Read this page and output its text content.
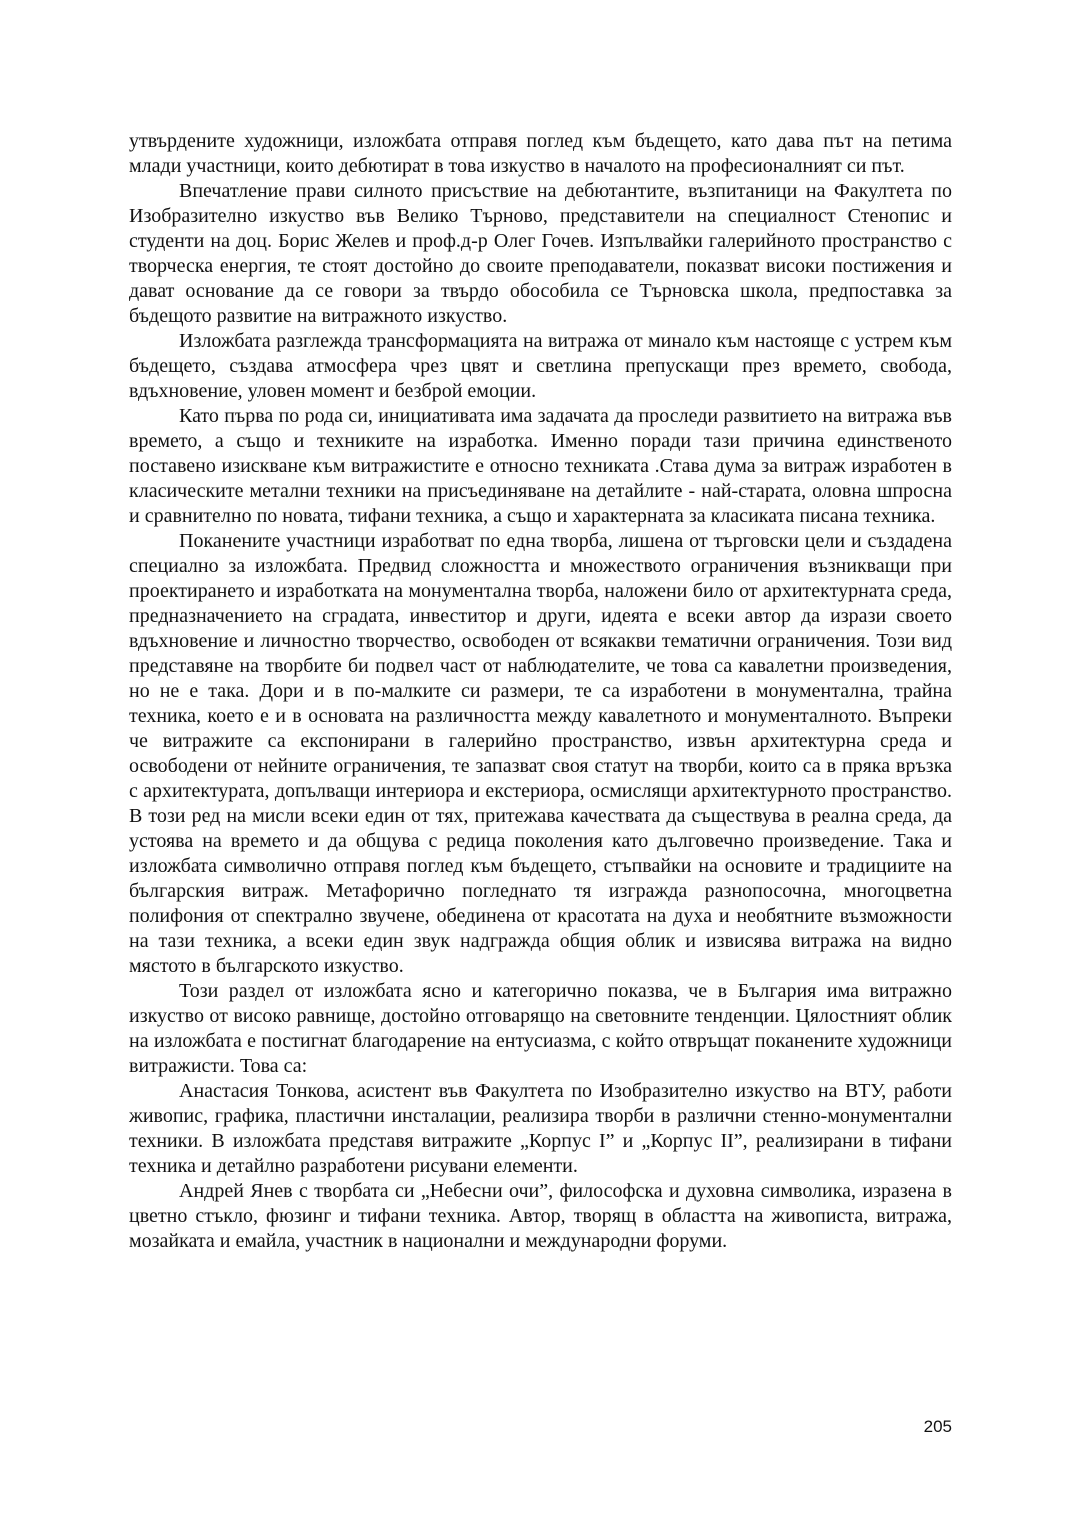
утвърдените художници, изложбата отправя поглед към бъдещето, като дава път на петима млади участници, които дебютират в това изкуство в началото на професионалният си път.

Впечатление прави силното присъствие на дебютантите, възпитаници на Факултета по Изобразително изкуство във Велико Търново, представители на специалност Стенопис и студенти на доц. Борис Желев и проф.д-р Олег Гочев. Изпълвайки галерийното пространство с творческа енергия, те стоят достойно до своите преподаватели, показват високи постижения и дават основание да се говори за твърдо обособила се Търновска школа, предпоставка за бъдещото развитие на витражното изкуство.

Изложбата разглежда трансформацията на витража от минало към настояще с устрем към бъдещето, създава атмосфера чрез цвят и светлина препускащи през времето, свобода, вдъхновение, уловен момент и безброй емоции.

Като първа по рода си, инициативата има задачата да проследи развитието на витража във времето, а също и техниките на изработка. Именно поради тази причина единственото поставено изискване към витражистите е относно техниката .Става дума за витраж изработен в класическите метални техники на присъединяване на детайлите - най-старата, оловна шпросна и сравнително по новата, тифани техника, а също и характерната за класиката писана техника.

Поканените участници изработват по една творба, лишена от търговски цели и създадена специално за изложбата. Предвид сложността и множеството ограничения възникващи при проектирането и изработката на монументална творба, наложени било от архитектурната среда, предназначението на сградата, инвеститор и други, идеята е всеки автор да изрази своето вдъхновение и личностно творчество, освободен от всякакви тематични ограничения. Този вид представяне на творбите би подвел част от наблюдателите, че това са кавалетни произведения, но не е така. Дори и в по-малките си размери, те са изработени в монументална, трайна техника, което е и в основата на различността между кавалетното и монументалното. Въпреки че витражите са експонирани в галерийно пространство, извън архитектурна среда и освободени от нейните ограничения, те запазват своя статут на творби, които са в пряка връзка с архитектурата, допълващи интериора и екстериора, осмислящи архитектурното пространство. В този ред на мисли всеки един от тях, притежава качествата да съществува в реална среда, да устоява на времето и да общува с редица поколения като дълговечно произведение. Така и изложбата символично отправя поглед към бъдещето, стъпвайки на основите и традициите на българския витраж. Метафорично погледнато тя изгражда разнопосочна, многоцветна полифония от спектрално звучене, обединена от красотата на духа и необятните възможности на тази техника, а всеки един звук надгражда общия облик и извисява витража на видно мястото в българското изкуство.

Този раздел от изложбата ясно и категорично показва, че в България има витражно изкуство от високо равнище, достойно отговарящо на световните тенденции. Цялостният облик на изложбата е постигнат благодарение на ентусиазма, с който отвръщат поканените художници витражисти. Това са:

Анастасия Тонкова, асистент във Факултета по Изобразително изкуство на ВТУ, работи живопис, графика, пластични инсталации, реализира творби в различни стенно-монументални техники. В изложбата представя витражите „Корпус I” и „Корпус II”, реализирани в тифани техника и детайлно разработени рисувани елементи.

Андрей Янев с творбата си „Небесни очи”, философска и духовна символика, изразена в цветно стъкло, фюзинг и тифани техника. Автор, творящ в областта на живописта, витража, мозайката и емайла, участник в национални и международни форуми.

205
